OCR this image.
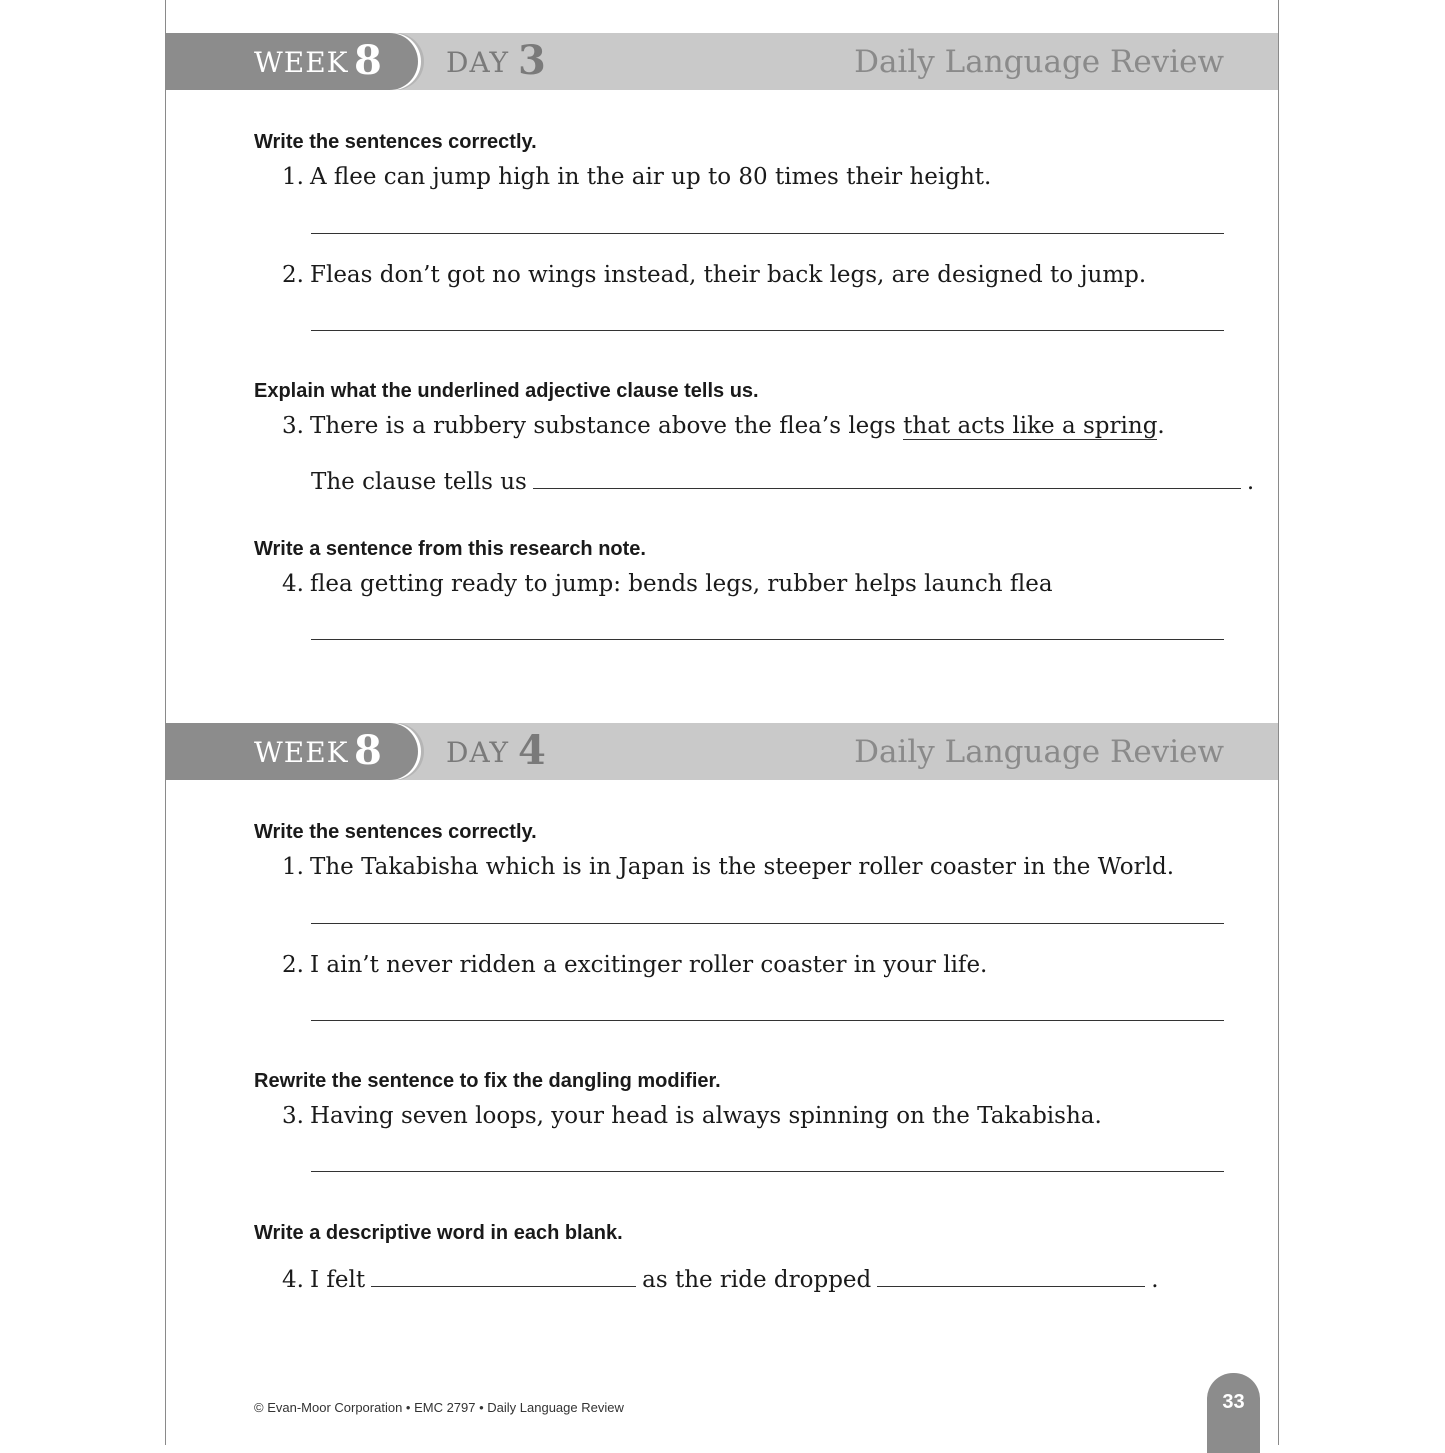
WEEK 8 DAY 3	Daily Language Review
Write the sentences correctly.
1. A flee can jump high in the air up to 80 times their height.
2. Fleas don’t got no wings instead, their back legs, are designed to jump.
Explain what the underlined adjective clause tells us.
3. There is a rubbery substance above the flea’s legs that acts like a spring.
The clause tells us	.
Write a sentence from this research note.
4. flea getting ready to jump: bends legs, rubber helps launch flea
WEEK 8 DAY 4	Daily Language Review
Write the sentences correctly.
1. The Takabisha which is in Japan is the steeper roller coaster in the World.
2. I ain’t never ridden a excitinger roller coaster in your life.
Rewrite the sentence to fix the dangling modifier.
3. Having seven loops, your head is always spinning on the Takabisha.
Write a descriptive word in each blank.
4. I felt	as the ride dropped	.
© Evan-Moor Corporation • EMC 2797 • Daily Language Review	33
